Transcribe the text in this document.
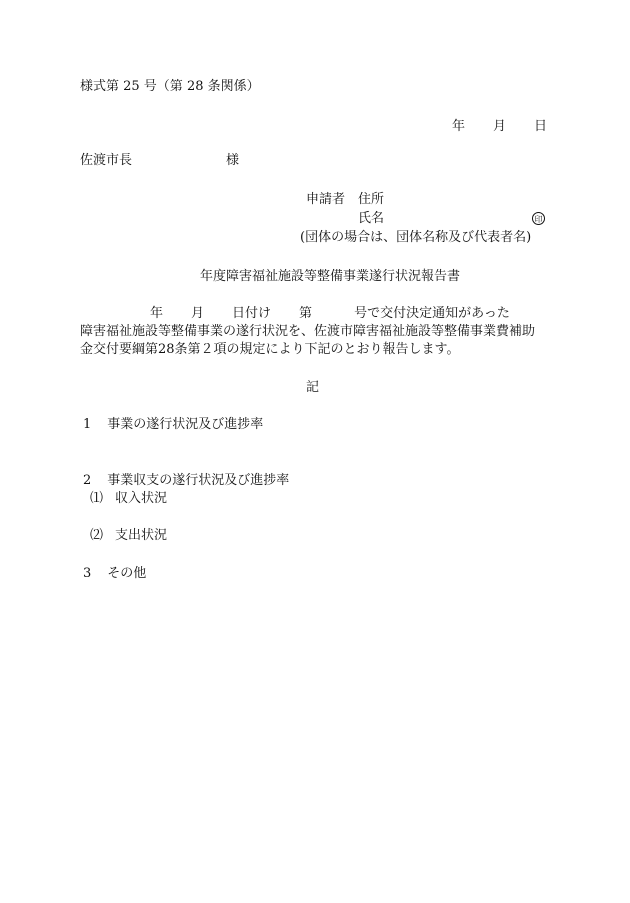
様式第 25 号（第 28 条関係）
年 月 日
佐渡市長	様
申請者 住所
氏名	印
(団体の場合は、団体名称及び代表者名)
年度障害福祉施設等整備事業遂行状況報告書
年 月 日付け 第	号で交付決定通知があった
障害福祉施設等整備事業の遂行状況を、佐渡市障害福祉施設等整備事業費補助
金交付要綱第28条第２項の規定により下記のとおり報告します。
記
1 事業の遂行状況及び進捗率
2 事業収支の遂行状況及び進捗率
⑴ 収入状況
⑵ 支出状況
3 その他
